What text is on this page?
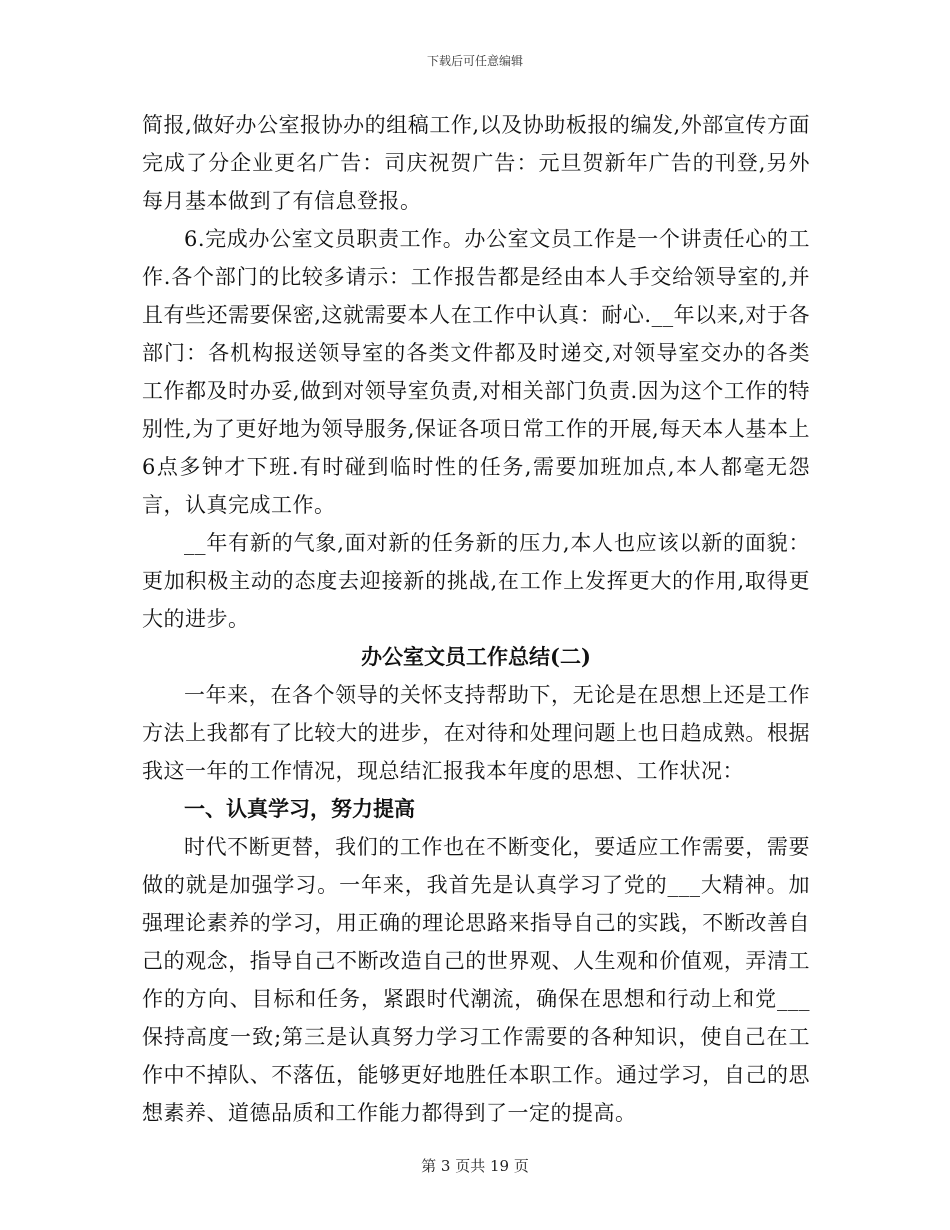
下载后可任意编辑

简报,做好办公室报协办的组稿工作,以及协助板报的编发,外部宣传方面完成了分企业更名广告：司庆祝贺广告：元旦贺新年广告的刊登,另外每月基本做到了有信息登报。

6.完成办公室文员职责工作。办公室文员工作是一个讲责任心的工作.各个部门的比较多请示：工作报告都是经由本人手交给领导室的,并且有些还需要保密,这就需要本人在工作中认真：耐心.__年以来,对于各部门：各机构报送领导室的各类文件都及时递交,对领导室交办的各类工作都及时办妥,做到对领导室负责,对相关部门负责.因为这个工作的特别性,为了更好地为领导服务,保证各项日常工作的开展,每天本人基本上6点多钟才下班.有时碰到临时性的任务,需要加班加点,本人都毫无怨言，认真完成工作。

__年有新的气象,面对新的任务新的压力,本人也应该以新的面貌：更加积极主动的态度去迎接新的挑战,在工作上发挥更大的作用,取得更大的进步。

办公室文员工作总结(二)

一年来，在各个领导的关怀支持帮助下，无论是在思想上还是工作方法上我都有了比较大的进步，在对待和处理问题上也日趋成熟。根据我这一年的工作情况，现总结汇报我本年度的思想、工作状况：

一、认真学习，努力提高

时代不断更替，我们的工作也在不断变化，要适应工作需要，需要做的就是加强学习。一年来，我首先是认真学习了党的___大精神。加强理论素养的学习，用正确的理论思路来指导自己的实践，不断改善自己的观念，指导自己不断改造自己的世界观、人生观和价值观，弄清工作的方向、目标和任务，紧跟时代潮流，确保在思想和行动上和党___保持高度一致;第三是认真努力学习工作需要的各种知识，使自己在工作中不掉队、不落伍，能够更好地胜任本职工作。通过学习，自己的思想素养、道德品质和工作能力都得到了一定的提高。

第 3 页共 19 页
